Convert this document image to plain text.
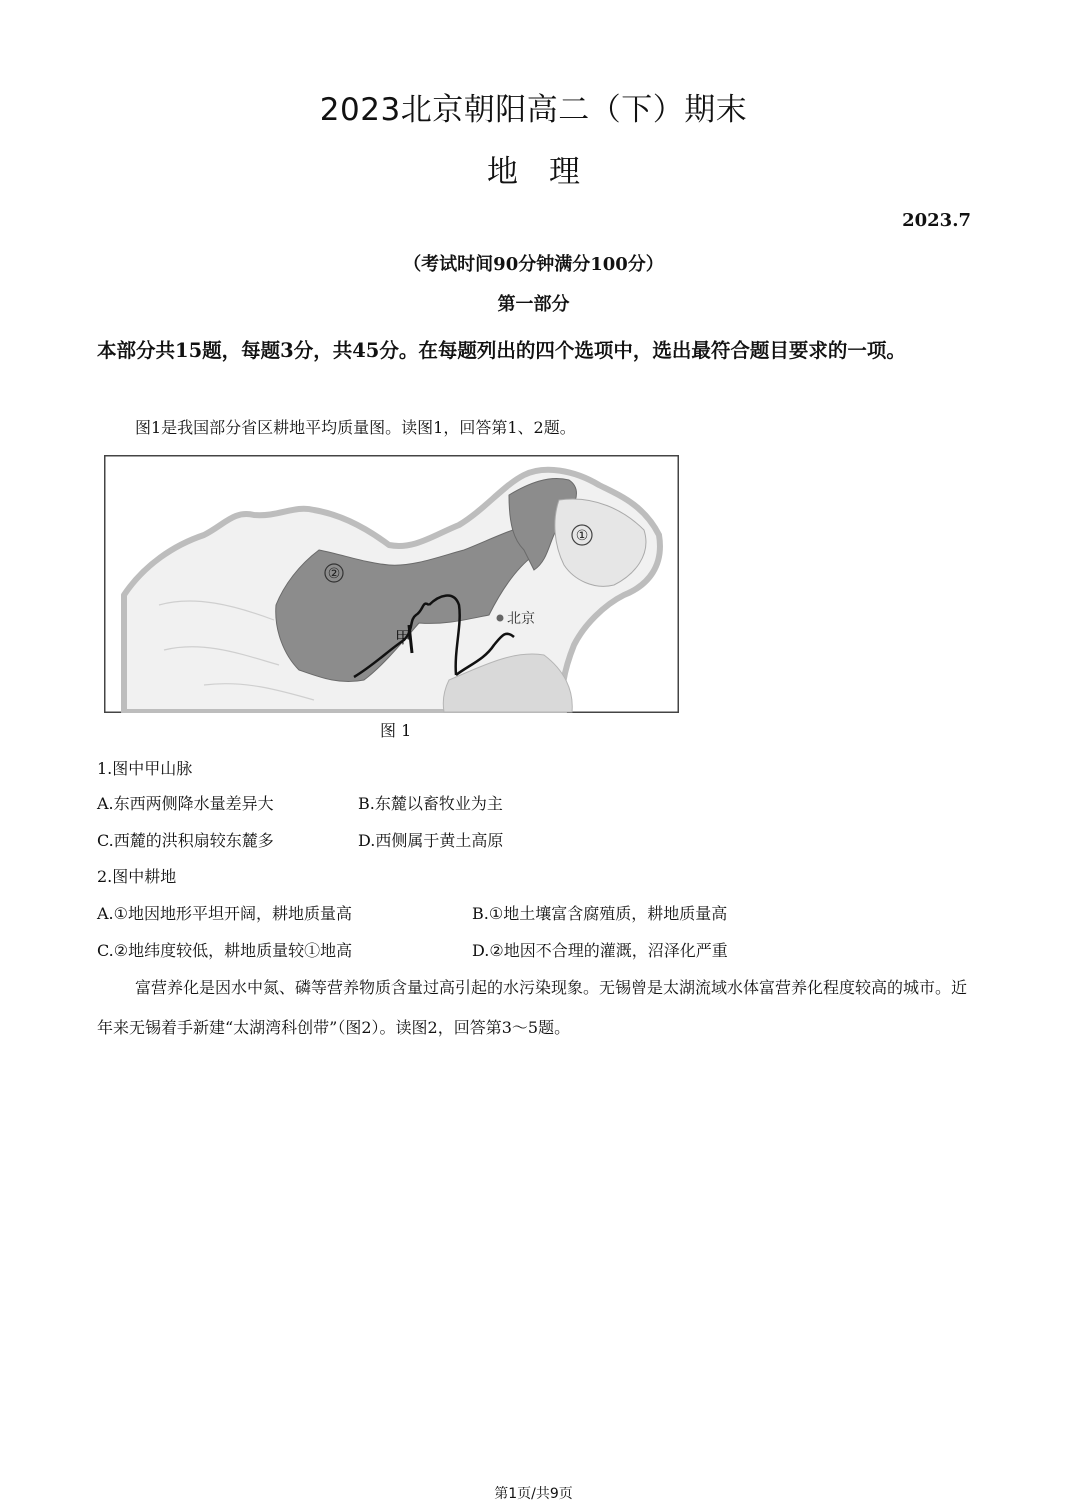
2023北京朝阳高二（下）期末
地　理
2023.7
（考试时间90分钟满分100分）
第一部分
本部分共15题，每题3分，共45分。在每题列出的四个选项中，选出最符合题目要求的一项。
图1是我国部分省区耕地平均质量图。读图1，回答第1、2题。
①
②
甲
北京
图 1
1.图中甲山脉
A.东西两侧降水量差异大	B.东麓以畜牧业为主
C.西麓的洪积扇较东麓多	D.西侧属于黄土高原
2.图中耕地
A.①地因地形平坦开阔，耕地质量高	B.①地土壤富含腐殖质，耕地质量高
C.②地纬度较低，耕地质量较①地高	D.②地因不合理的灌溉，沼泽化严重
富营养化是因水中氮、磷等营养物质含量过高引起的水污染现象。无锡曾是太湖流域水体富营养化程度较高的城市。近年来无锡着手新建“太湖湾科创带”（图2）。读图2，回答第3～5题。
第1页/共9页
